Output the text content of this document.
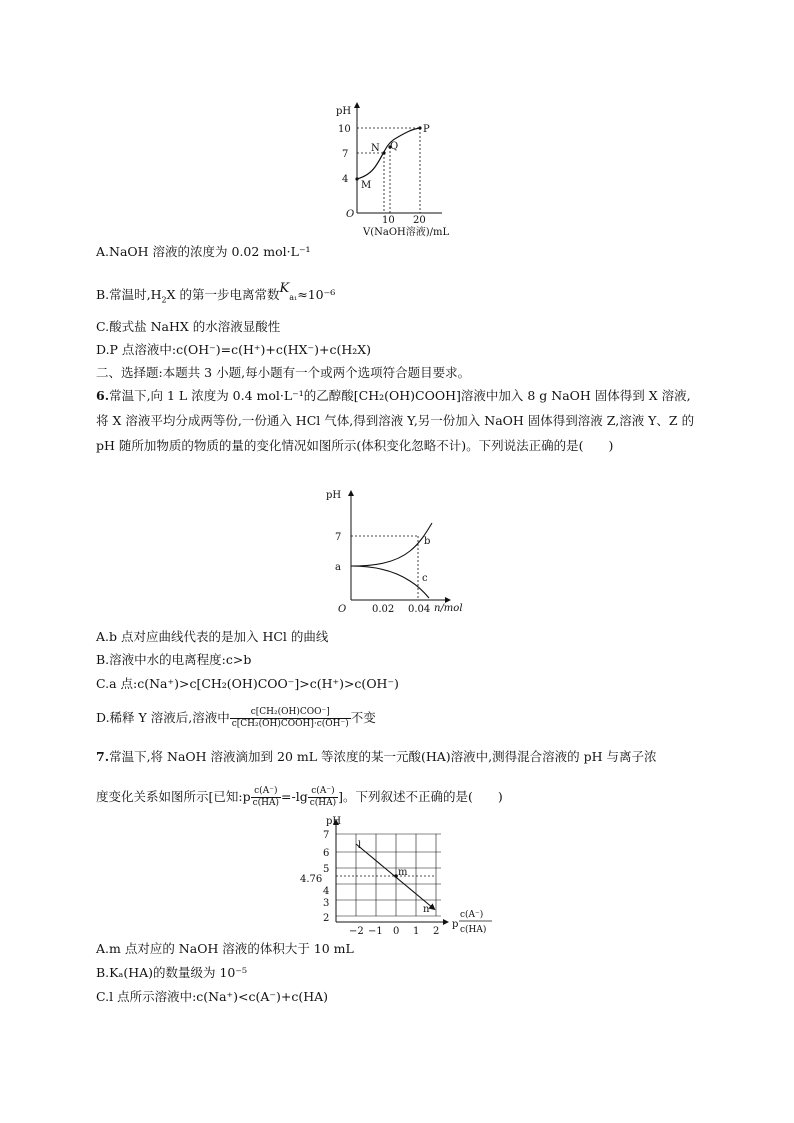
pH
10
7
4
M
N Q
P
O
10 20
V(NaOH溶液)/mL
A.NaOH 溶液的浓度为 0.02 mol·L⁻¹
B.常温时$,H_2X$ 的第一步电离常数$K_{a_1}\approx 10^{-6}$
C.酸式盐 NaHX 的水溶液显酸性
D.P 点溶液中:c(OH⁻)=c(H⁺)+c(HX⁻)+c(H₂X)
二、选择题:本题共 3 小题,每小题有一个或两个选项符合题目要求。
6.常温下,向 1 L 浓度为 0.4 mol·L⁻¹的乙醇酸[CH₂(OH)COOH]溶液中加入 8 g NaOH 固体得到 X 溶液,将 X 溶液平均分成两等份,一份通入 HCl 气体,得到溶液 Y,另一份加入 NaOH 固体得到溶液 Z,溶液 Y、Z 的 pH 随所加物质的物质的量的变化情况如图所示(体积变化忽略不计)。下列说法正确的是(　　)
pH
7
a
b
c
O	0.02 0.04 n/mol
A.b 点对应曲线代表的是加入 HCl 的曲线
B.溶液中水的电离程度:c>b
C.a 点:c(Na⁺)>c[CH₂(OH)COO⁻]>c(H⁺)>c(OH⁻)
D.稀释 Y 溶液后,溶液中 $\frac{\text{c[CH₂(OH)COO⁻]}}{\text{c[CH₂(OH)COOH]·c(OH⁻)}}$ 不变
7.常温下,将 NaOH 溶液滴加到 20 mL 等浓度的某一元酸(HA)溶液中,测得混合溶液的 pH 与离子浓
度变化关系如图所示[已知:p $\frac{c(A^-)}{c(HA)} =-\lg \frac{c(A^-)}{c(HA)}$ ]。下列叙述不正确的是(　　)
pH
7
6
5
4.76
4
3
2
l
m
n
−2 −1 0 1 2
p
c(A⁻)
c(HA)
A.m 点对应的 NaOH 溶液的体积大于 10 mL
B.Kₐ(HA)的数量级为 10⁻⁵
C.l 点所示溶液中:c(Na⁺)<c(A⁻)+c(HA)
